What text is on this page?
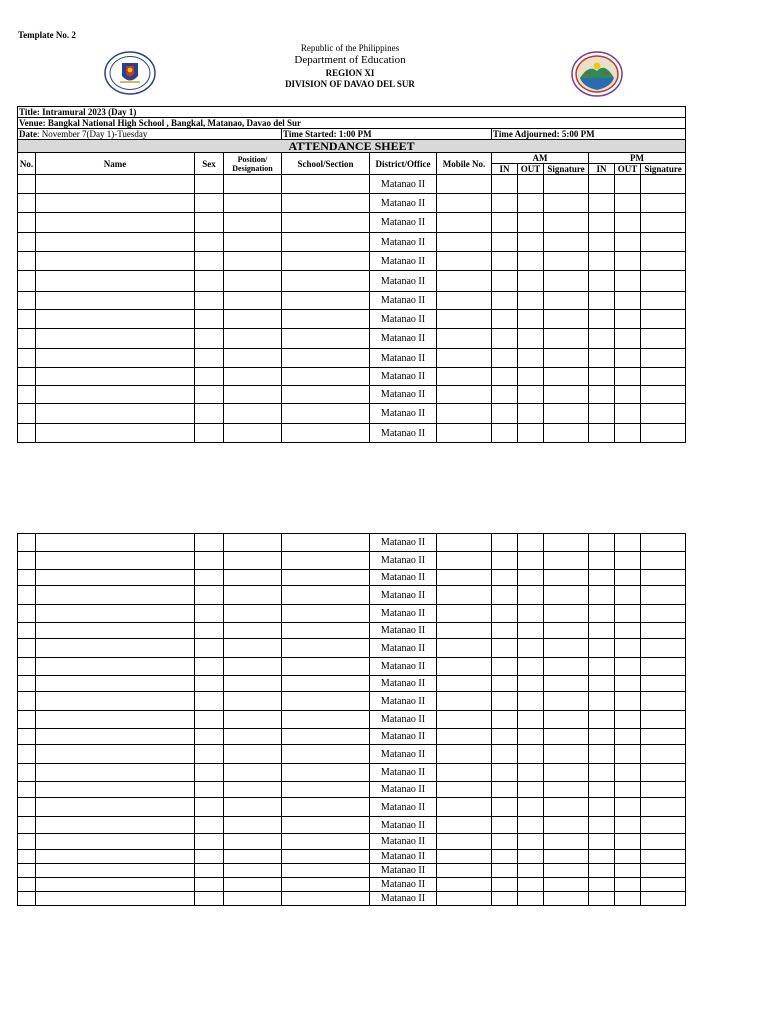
Template No. 2
Republic of the Philippines
Department of Education
REGION XI
DIVISION OF DAVAO DEL SUR
Title: Intramural 2023 (Day 1)												
Venue: Bangkal National High School , Bangkal, Matanao, Davao del Sur												
Date: November 7(Day 1)-Tuesday				Time Started: 1:00 PM			Time Adjourned: 5:00 PM					
ATTENDANCE SHEET												
No.	Name	Sex	Position/ Designation	School/Section	District/Office	Mobile No.	AM			PM		
							IN	OUT	Signature	IN	OUT	Signature
					Matanao II							
					Matanao II							
					Matanao II							
					Matanao II							
					Matanao II							
					Matanao II							
					Matanao II							
					Matanao II							
					Matanao II							
					Matanao II							
					Matanao II							
					Matanao II							
					Matanao II							
					Matanao II							
					Matanao II							
					Matanao II							
					Matanao II							
					Matanao II							
					Matanao II							
					Matanao II							
					Matanao II							
					Matanao II							
					Matanao II							
					Matanao II							
					Matanao II							
					Matanao II							
					Matanao II							
					Matanao II							
					Matanao II							
					Matanao II							
					Matanao II							
					Matanao II							
					Matanao II							
					Matanao II							
					Matanao II							
					Matanao II							
